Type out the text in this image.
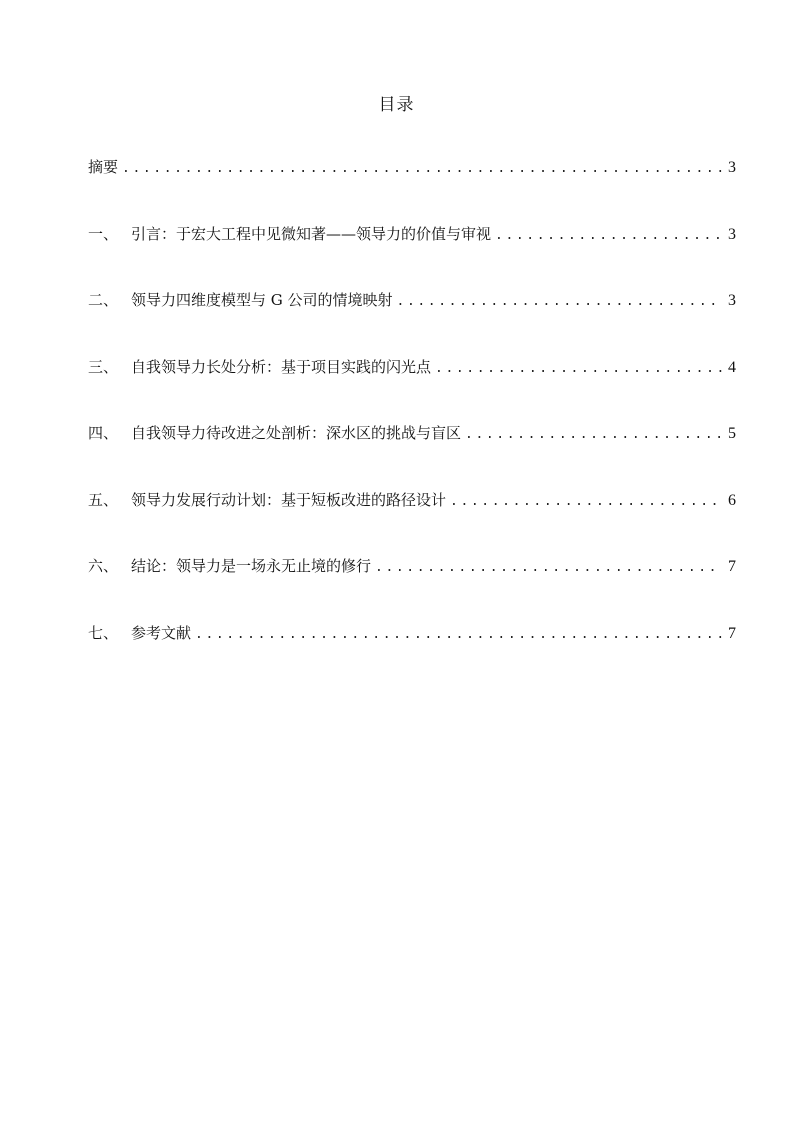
目录
摘要 .....	3
一、 引言：于宏大工程中见微知著——领导力的价值与审视 .....	3
二、 领导力四维度模型与 G 公司的情境映射 .....	3
三、 自我领导力长处分析：基于项目实践的闪光点 .....	4
四、 自我领导力待改进之处剖析：深水区的挑战与盲区 .....	5
五、 领导力发展行动计划：基于短板改进的路径设计 .....	6
六、 结论：领导力是一场永无止境的修行 .....	7
七、 参考文献 .....	7
